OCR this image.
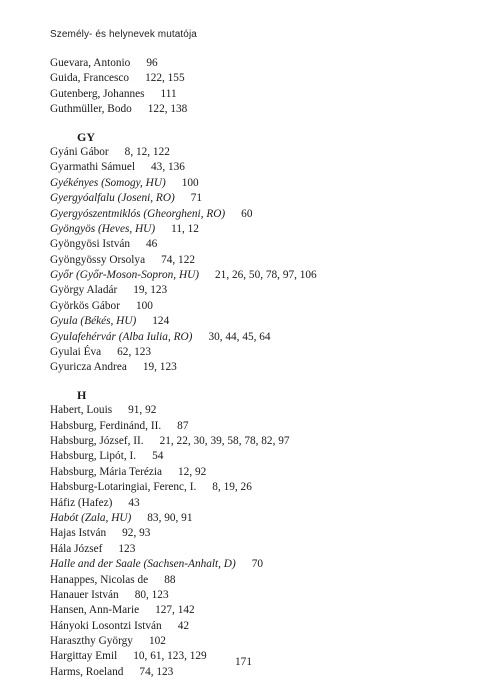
Személy- és helynevek mutatója
Guevara, Antonio 96
Guida, Francesco 122, 155
Gutenberg, Johannes 111
Guthmüller, Bodo 122, 138
GY
Gyáni Gábor 8, 12, 122
Gyarmathi Sámuel 43, 136
Gyékényes (Somogy, HU) 100
Gyergyóalfalu (Joseni, RO) 71
Gyergyószentmiklós (Gheorgheni, RO) 60
Gyöngyös (Heves, HU) 11, 12
Gyöngyösi István 46
Gyöngyössy Orsolya 74, 122
Győr (Győr-Moson-Sopron, HU) 21, 26, 50, 78, 97, 106
György Aladár 19, 123
Györkös Gábor 100
Gyula (Békés, HU) 124
Gyulafehérvár (Alba Iulia, RO) 30, 44, 45, 64
Gyulai Éva 62, 123
Gyuricza Andrea 19, 123
H
Habert, Louis 91, 92
Habsburg, Ferdinánd, II. 87
Habsburg, József, II. 21, 22, 30, 39, 58, 78, 82, 97
Habsburg, Lipót, I. 54
Habsburg, Mária Terézia 12, 92
Habsburg-Lotaringiai, Ferenc, I. 8, 19, 26
Háfiz (Hafez) 43
Habót (Zala, HU) 83, 90, 91
Hajas István 92, 93
Hála József 123
Halle and der Saale (Sachsen-Anhalt, D) 70
Hanappes, Nicolas de 88
Hanauer István 80, 123
Hansen, Ann-Marie 127, 142
Hányoki Losontzi István 42
Haraszthy György 102
Hargittay Emil 10, 61, 123, 129
Harms, Roeland 74, 123
171
